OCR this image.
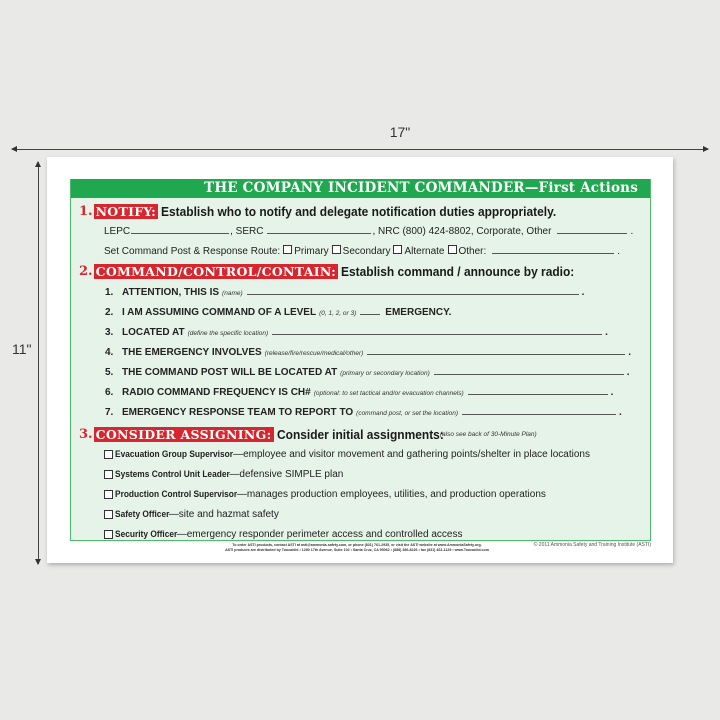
17"
11"
THE COMPANY INCIDENT COMMANDER—First Actions
1. NOTIFY: Establish who to notify and delegate notification duties appropriately.
LEPC	, SERC	, NRC (800) 424-8802, Corporate, Other	.
Set Command Post & Response Route: Primary Secondary Alternate Other:	.
2. COMMAND/CONTROL/CONTAIN: Establish command / announce by radio:
1. ATTENTION, THIS IS (name)	.
2. I AM ASSUMING COMMAND OF A LEVEL (0, 1, 2, or 3)	EMERGENCY.
3. LOCATED AT (define the specific location)	.
4. THE EMERGENCY INVOLVES (release/fire/rescue/medical/other)	.
5. THE COMMAND POST WILL BE LOCATED AT (primary or secondary location)	.
6. RADIO COMMAND FREQUENCY IS CH# (optional: to set tactical and/or evacuation channels)	.
7. EMERGENCY RESPONSE TEAM TO REPORT TO (command post, or set the location)	.
3. CONSIDER ASSIGNING: Consider initial assignments:
(also see back of 30-Minute Plan)
Evacuation Group Supervisor —employee and visitor movement and gathering points/shelter in place locations
Systems Control Unit Leader —defensive SIMPLE plan
Production Control Supervisor —manages production employees, utilities, and production operations
Safety Officer —site and hazmat safety
Security Officer —emergency responder perimeter access and controlled access
To order ASTI products, contact ASTI at asti@ammonia-safety.com, or phone (831) 761-2935, or visit the ASTI website at www.AmmoniaSafety.org.
ASTI products are distributed by Toucanlid • 1280 17th Avenue, Suite 102 • Santa Cruz, CA 95062 • (888) 386-8226 • fax (831) 462-1129 • www.Toucanlid.com
© 2011 Ammonia Safety and Training Institute (ASTI)
